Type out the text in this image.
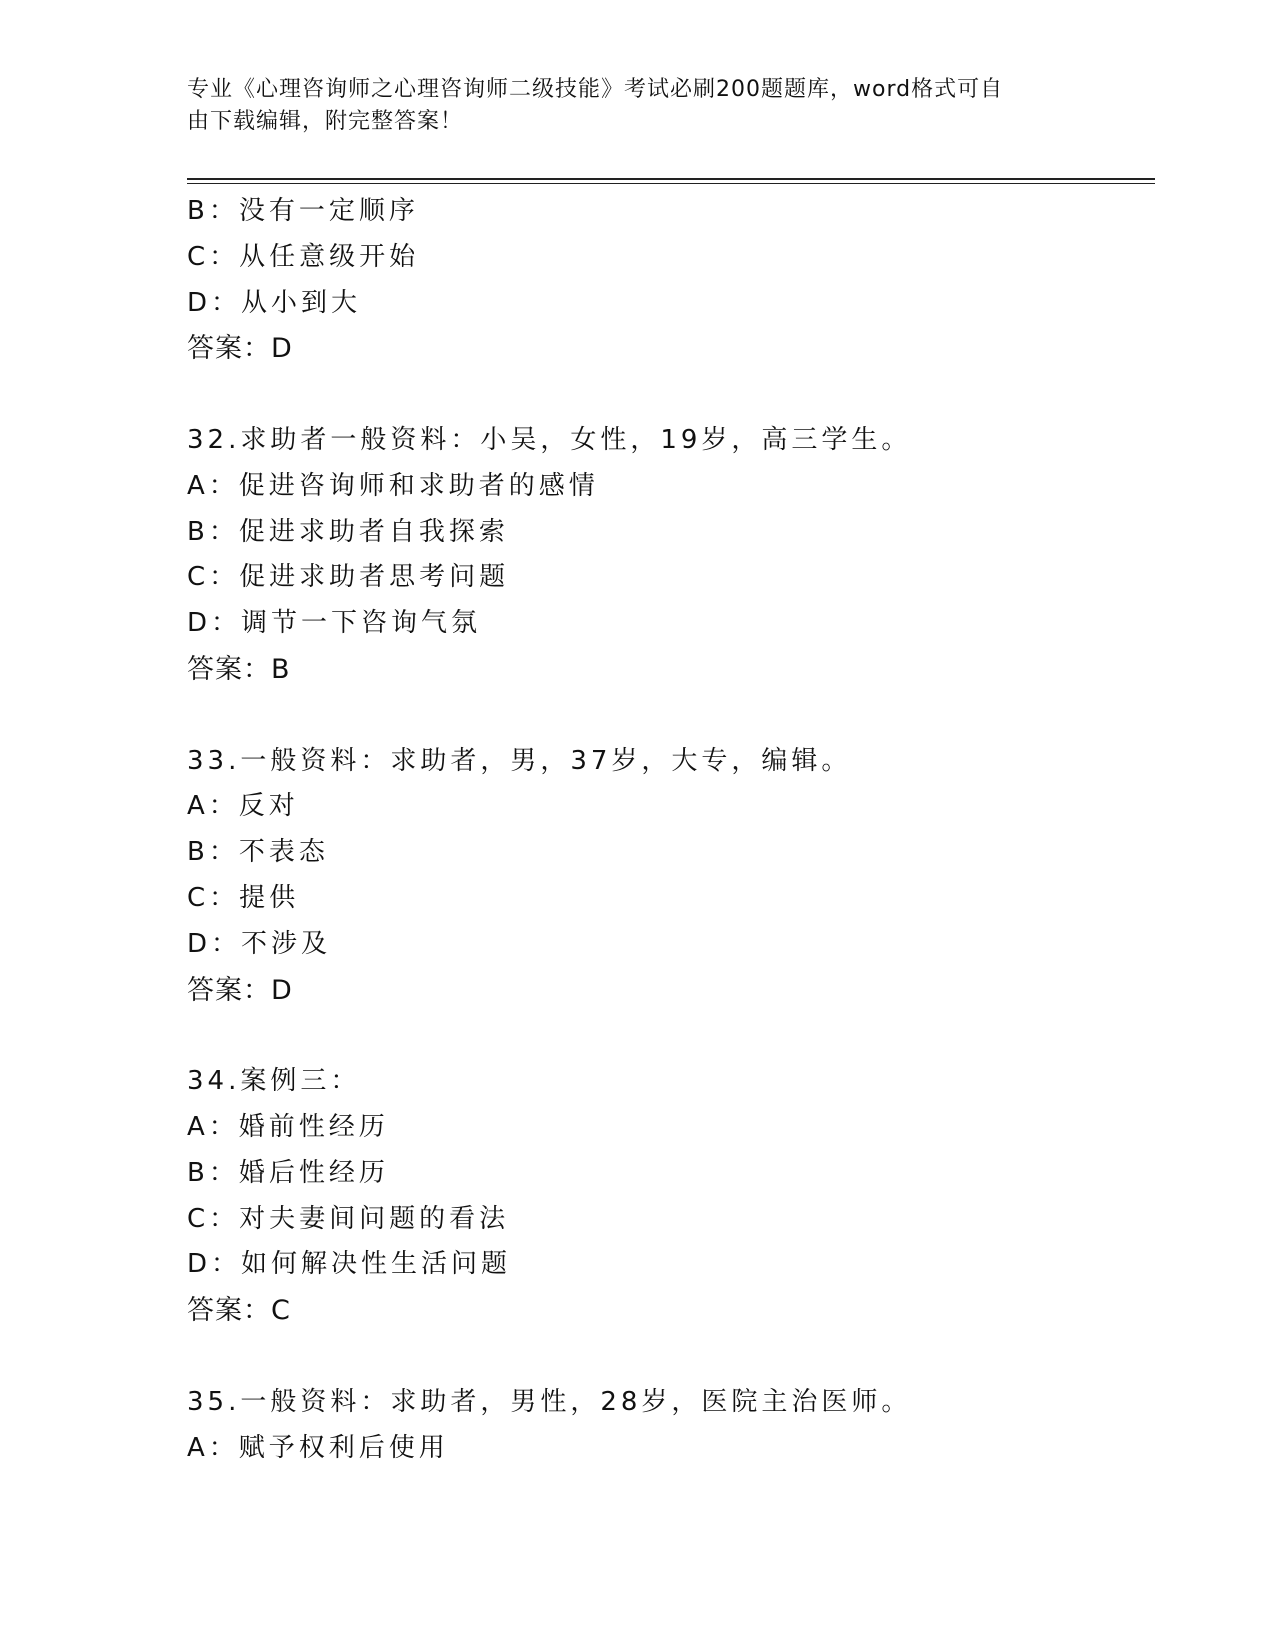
专业《心理咨询师之心理咨询师二级技能》考试必刷200题题库，word格式可自
由下载编辑，附完整答案！
B：没有一定顺序
C：从任意级开始
D：从小到大
答案：D
32.求助者一般资料：小吴，女性，19岁，高三学生。
A：促进咨询师和求助者的感情
B：促进求助者自我探索
C：促进求助者思考问题
D：调节一下咨询气氛
答案：B
33.一般资料：求助者，男，37岁，大专，编辑。
A：反对
B：不表态
C：提供
D：不涉及
答案：D
34.案例三：
A：婚前性经历
B：婚后性经历
C：对夫妻间问题的看法
D：如何解决性生活问题
答案：C
35.一般资料：求助者，男性，28岁，医院主治医师。
A：赋予权利后使用
